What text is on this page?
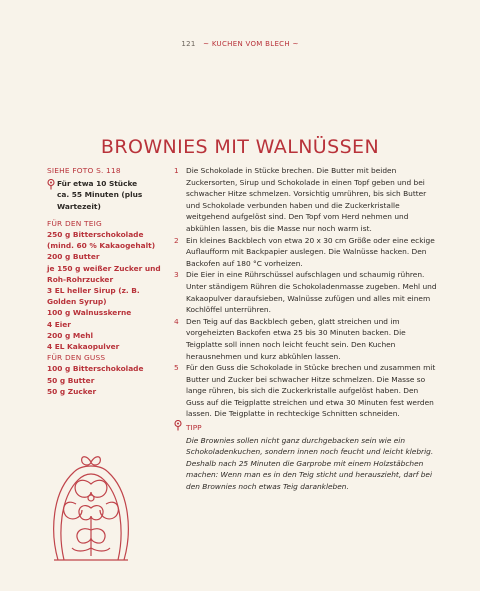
121 ~ KUCHEN VOM BLECH ~
BROWNIES MIT WALNÜSSEN
SIEHE FOTO S. 118
Für etwa 10 Stücke
ca. 55 Minuten (plus Wartezeit)
FÜR DEN TEIG
250 g Bitterschokolade (mind. 60 % Kakaogehalt)
200 g Butter
je 150 g weißer Zucker und Roh-Rohrzucker
3 EL heller Sirup (z. B. Golden Syrup)
100 g Walnusskerne
4 Eier
200 g Mehl
4 EL Kakaopulver
FÜR DEN GUSS
100 g Bitterschokolade
50 g Butter
50 g Zucker
1 Die Schokolade in Stücke brechen. Die Butter mit beiden Zuckersorten, Sirup und Schokolade in einen Topf geben und bei schwacher Hitze schmelzen. Vorsichtig umrühren, bis sich Butter und Schokolade verbunden haben und die Zuckerkristalle weitgehend aufgelöst sind. Den Topf vom Herd nehmen und abkühlen lassen, bis die Masse nur noch warm ist.
2 Ein kleines Backblech von etwa 20 x 30 cm Größe oder eine eckige Auflaufform mit Backpapier auslegen. Die Walnüsse hacken. Den Backofen auf 180 °C vorheizen.
3 Die Eier in eine Rührschüssel aufschlagen und schaumig rühren. Unter ständigem Rühren die Schokoladenmasse zugeben. Mehl und Kakaopulver daraufsieben, Walnüsse zufügen und alles mit einem Kochlöffel unterrühren.
4 Den Teig auf das Backblech geben, glatt streichen und im vorgeheizten Backofen etwa 25 bis 30 Minuten backen. Die Teigplatte soll innen noch leicht feucht sein. Den Kuchen herausnehmen und kurz abkühlen lassen.
5 Für den Guss die Schokolade in Stücke brechen und zusammen mit Butter und Zucker bei schwacher Hitze schmelzen. Die Masse so lange rühren, bis sich die Zuckerkristalle aufgelöst haben. Den Guss auf die Teigplatte streichen und etwa 30 Minuten fest werden lassen. Die Teigplatte in rechteckige Schnitten schneiden.
TIPP
Die Brownies sollen nicht ganz durchgebacken sein wie ein Schokoladenkuchen, sondern innen noch feucht und leicht klebrig. Deshalb nach 25 Minuten die Garprobe mit einem Holzstäbchen machen: Wenn man es in den Teig sticht und herauszieht, darf bei den Brownies noch etwas Teig darankleben.
